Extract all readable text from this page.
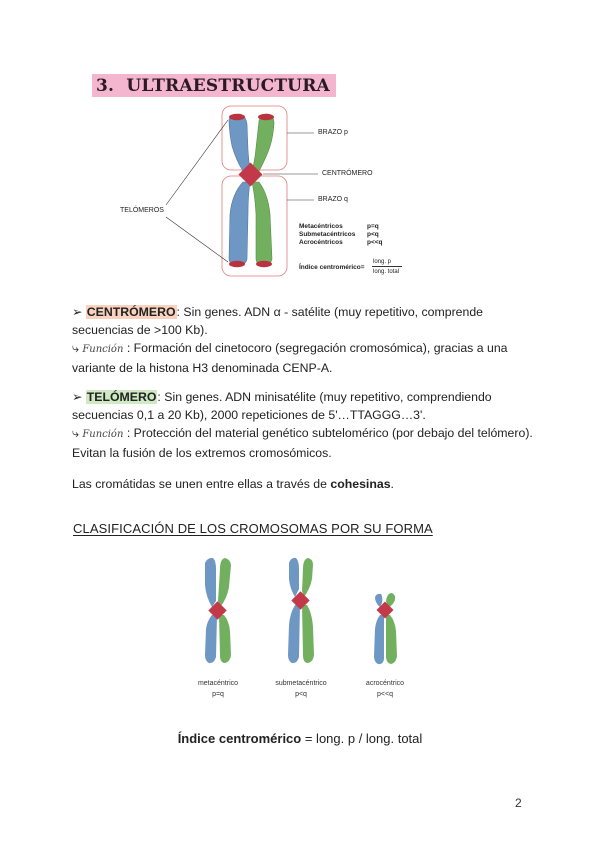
3. ULTRAESTRUCTURA
BRAZO p
CENTRÓMERO
BRAZO q
TELÓMEROS
Metacéntricos	p=q
Submetacéntricos p<q
Acrocéntricos	p<<q
Índice centromérico=
long. p
long. total

➢ CENTRÓMERO: Sin genes. ADN α - satélite (muy repetitivo, comprende secuencias de >100 Kb).

⤷ Función : Formación del cinetocoro (segregación cromosómica), gracias a una variante de la histona H3 denominada CENP-A.

➢ TELÓMERO: Sin genes. ADN minisatélite (muy repetitivo, comprendiendo secuencias 0,1 a 20 Kb), 2000 repeticiones de 5'…TTAGGG…3'.

⤷ Función : Protección del material genético subtelomérico (por debajo del telómero). Evitan la fusión de los extremos cromosómicos.

Las cromátidas se unen entre ellas a través de cohesinas.

CLASIFICACIÓN DE LOS CROMOSOMAS POR SU FORMA
metacéntrico
p=q
submetacéntrico
p<q
acrocéntrico
p<<q
Índice centromérico = long. p / long. total
2
